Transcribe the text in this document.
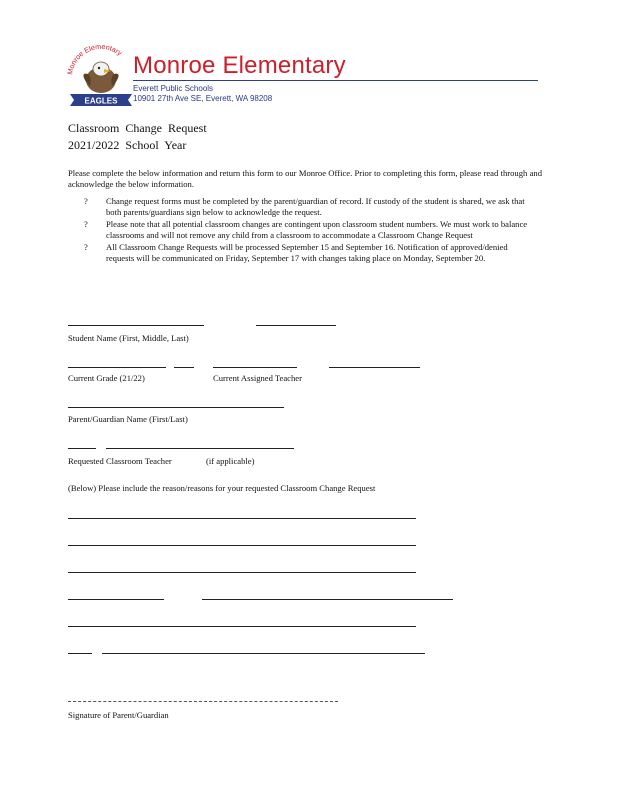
Monroe Elementary
EAGLES
Monroe Elementary
Everett Public Schools
10901 27th Ave SE, Everett, WA 98208
Classroom Change Request
2021/2022 School Year
Please complete the below information and return this form to our Monroe Office. Prior to completing this form, please read through and acknowledge the below information.
? Change request forms must be completed by the parent/guardian of record. If custody of the student is shared, we ask that both parents/guardians sign below to acknowledge the request.
? Please note that all potential classroom changes are contingent upon classroom student numbers. We must work to balance classrooms and will not remove any child from a classroom to accommodate a Classroom Change Request
? All Classroom Change Requests will be processed September 15 and September 16. Notification of approved/denied requests will be communicated on Friday, September 17 with changes taking place on Monday, September 20.
Student Name (First, Middle, Last)
Current Grade (21/22)	Current Assigned Teacher
Parent/Guardian Name (First/Last)
Requested Classroom Teacher	(if applicable)
(Below) Please include the reason/reasons for your requested Classroom Change Request
Signature of Parent/Guardian
